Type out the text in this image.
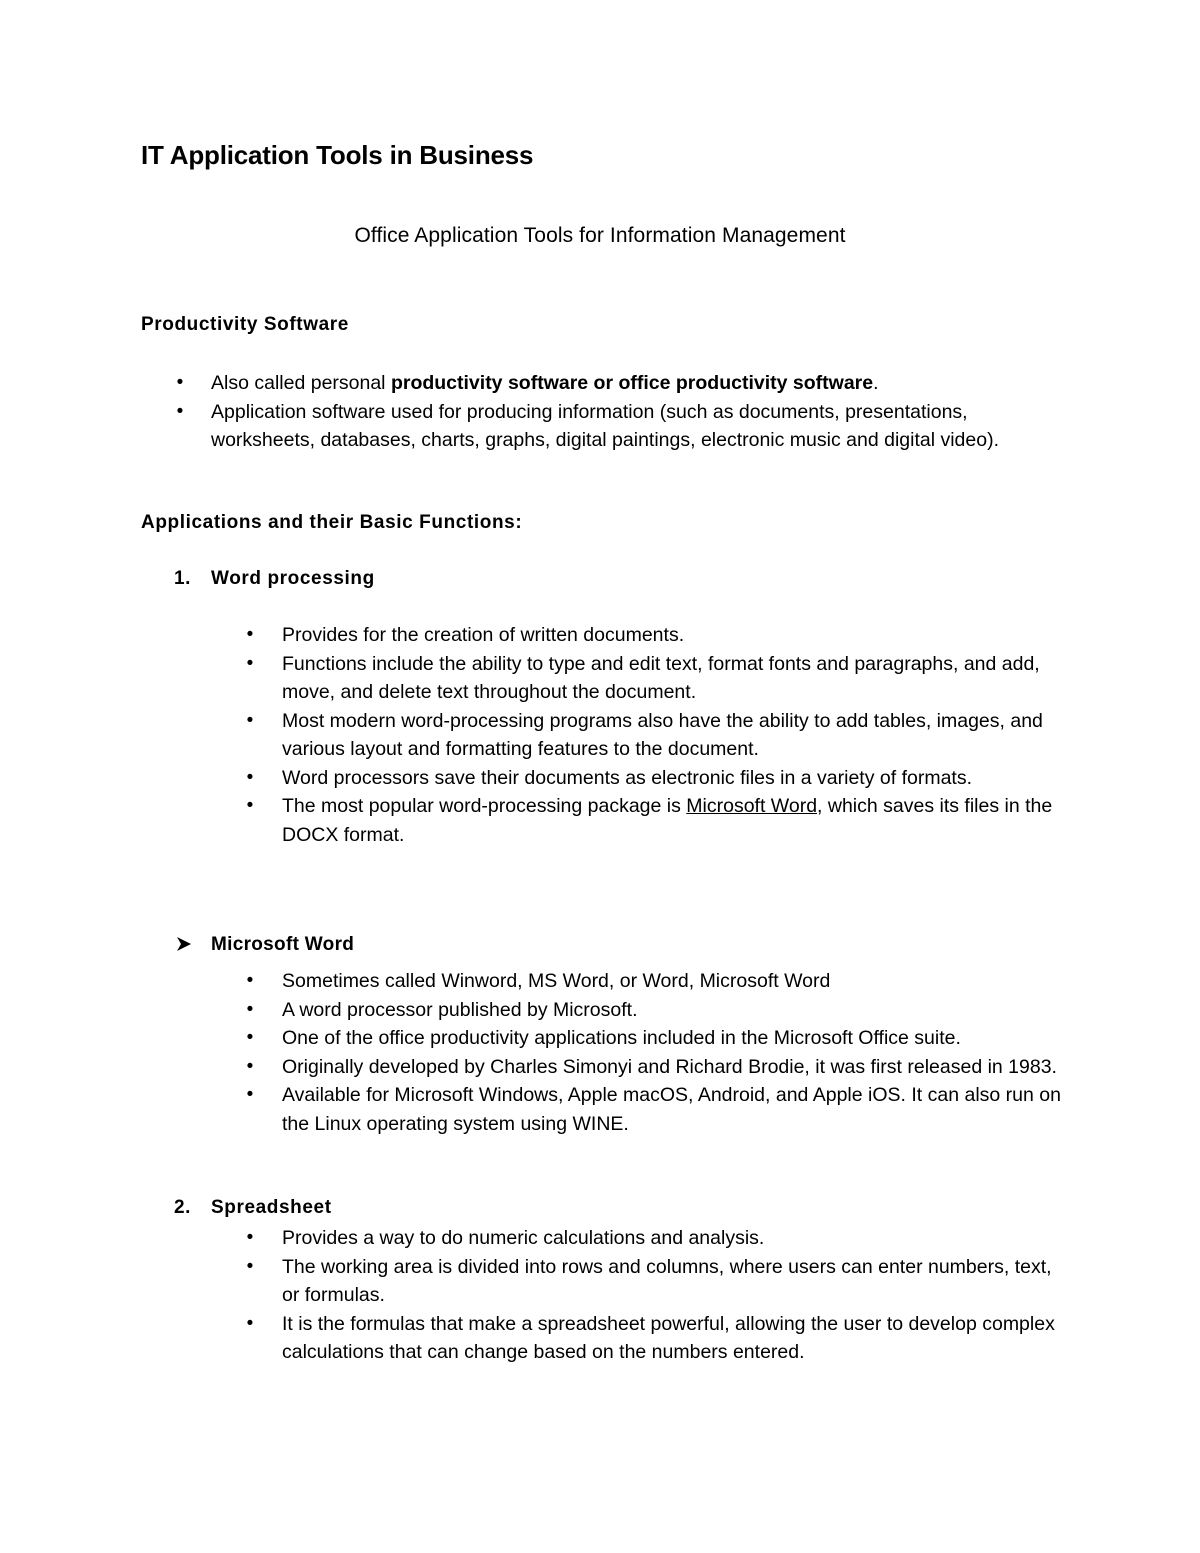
IT Application Tools in Business
Office Application Tools for Information Management
Productivity Software
• Also called personal productivity software or office productivity software.
• Application software used for producing information (such as documents, presentations, worksheets, databases, charts, graphs, digital paintings, electronic music and digital video).
Applications and their Basic Functions:
1. Word processing
• Provides for the creation of written documents.
• Functions include the ability to type and edit text, format fonts and paragraphs, and add, move, and delete text throughout the document.
• Most modern word-processing programs also have the ability to add tables, images, and various layout and formatting features to the document.
• Word processors save their documents as electronic files in a variety of formats.
• The most popular word-processing package is Microsoft Word, which saves its files in the DOCX format.
Microsoft Word
• Sometimes called Winword, MS Word, or Word, Microsoft Word
• A word processor published by Microsoft.
• One of the office productivity applications included in the Microsoft Office suite.
• Originally developed by Charles Simonyi and Richard Brodie, it was first released in 1983.
• Available for Microsoft Windows, Apple macOS, Android, and Apple iOS. It can also run on the Linux operating system using WINE.
2. Spreadsheet
• Provides a way to do numeric calculations and analysis.
• The working area is divided into rows and columns, where users can enter numbers, text, or formulas.
• It is the formulas that make a spreadsheet powerful, allowing the user to develop complex calculations that can change based on the numbers entered.
